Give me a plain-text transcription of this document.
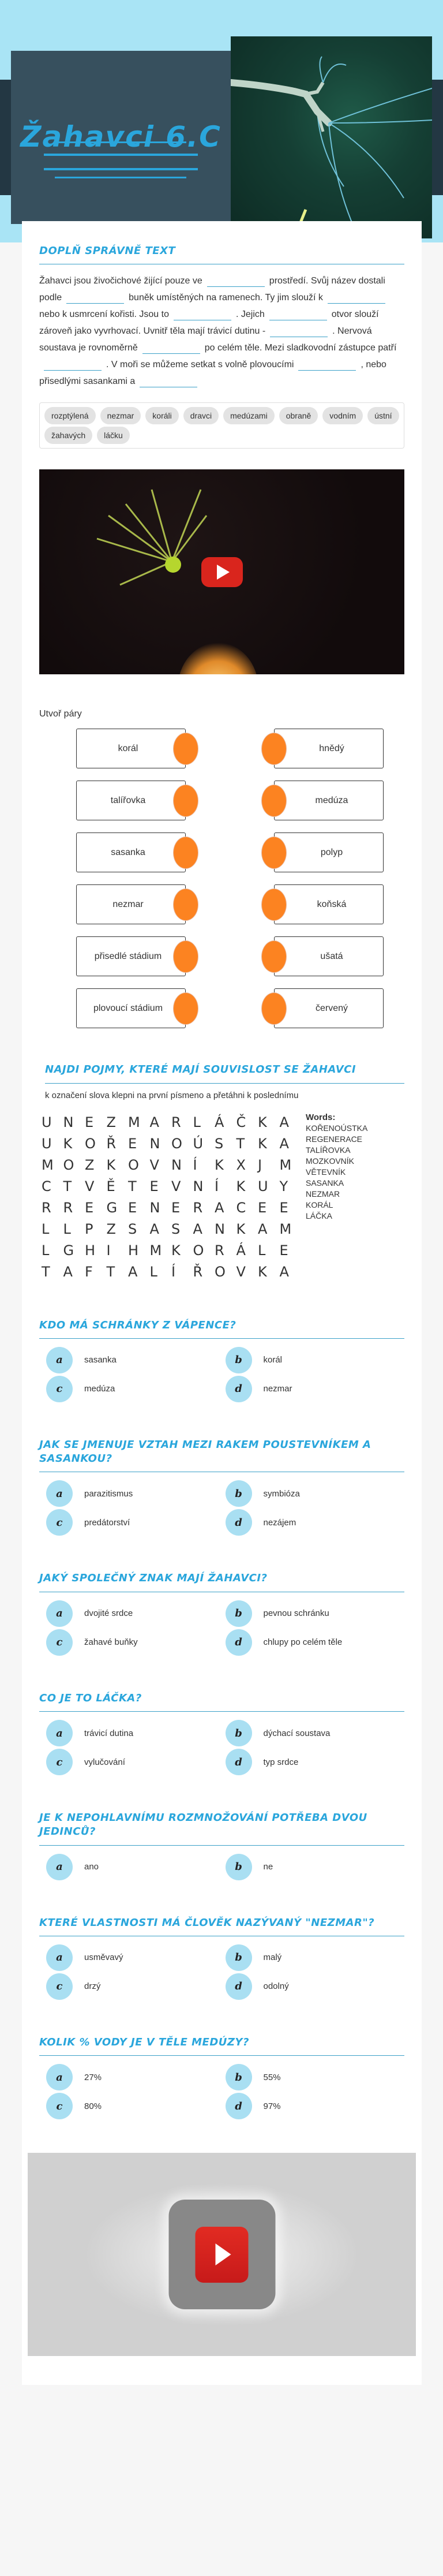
Žahavci 6.C
DOPLŇ SPRÁVNĚ TEXT

Žahavci jsou živočichové žijící pouze ve	prostředí. Svůj název dostali podle	buněk umístěných na ramenech. Ty jim slouží knebo k usmrcení kořisti. Jsou to	. Jejich	otvor slouží zároveň jako vyvrhovací. Uvnitř těla mají trávicí dutinu -	. Nervová soustava je rovnoměrně	po celém těle. Mezi sladkovodní zástupce patří. V moři se můžeme setkat s volně plovoucími	, nebo přisedlými sasankami a

rozptýlená	nezmar	koráli	dravci	medúzami	obraně	vodním	ústní
žahavých	láčku
Utvoř páry
korál	hnědý
talířovka	medúza
sasanka	polyp
nezmar	koňská
přisedlé stádium	ušatá
plovoucí stádium	červený
NAJDI POJMY, KTERÉ MAJÍ SOUVISLOST SE ŽAHAVCI
k označení slova klepni na první písmeno a přetáhni k poslednímu
U N E Z M A R L	Á Č K A
U K O Ř E N O Ú S T K A
M O Z K O V N Í	K X J	M
C T V Ě T E V N Í	K U Y
R R E G E N E R A C E E
L	L	P Z S A S A N K A M
L	G H I	H M K O R Á L	E
T A F T A L	Í	Ř O V K A
Words:
KOŘENOÚSTKA
REGENERACE
TALÍŘOVKA
MOZKOVNÍK
VĚTEVNÍK
SASANKA
NEZMAR
KORÁL
LÁČKA
KDO MÁ SCHRÁNKY Z VÁPENCE?
a	sasanka	b	korál
c	medúza	d	nezmar
JAK SE JMENUJE VZTAH MEZI RAKEM POUSTEVNÍKEM A SASANKOU?
a	parazitismus	b	symbióza
c	predátorství	d	nezájem
JAKÝ SPOLEČNÝ ZNAK MAJÍ ŽAHAVCI?
a	dvojité srdce	b	pevnou schránku
c	žahavé buňky	d	chlupy po celém těle
CO JE TO LÁČKA?
a	trávicí dutina	b	dýchací soustava
c	vylučování	d	typ srdce
JE K NEPOHLAVNÍMU ROZMNOŽOVÁNÍ POTŘEBA DVOU JEDINCŮ?
a	ano	b	ne
KTERÉ VLASTNOSTI MÁ ČLOVĚK NAZÝVANÝ "NEZMAR"?
a	usměvavý	b	malý
c	drzý	d	odolný
KOLIK % VODY JE V TĚLE MEDÚZY?
a	27%	b	55%
c	80%	d	97%
